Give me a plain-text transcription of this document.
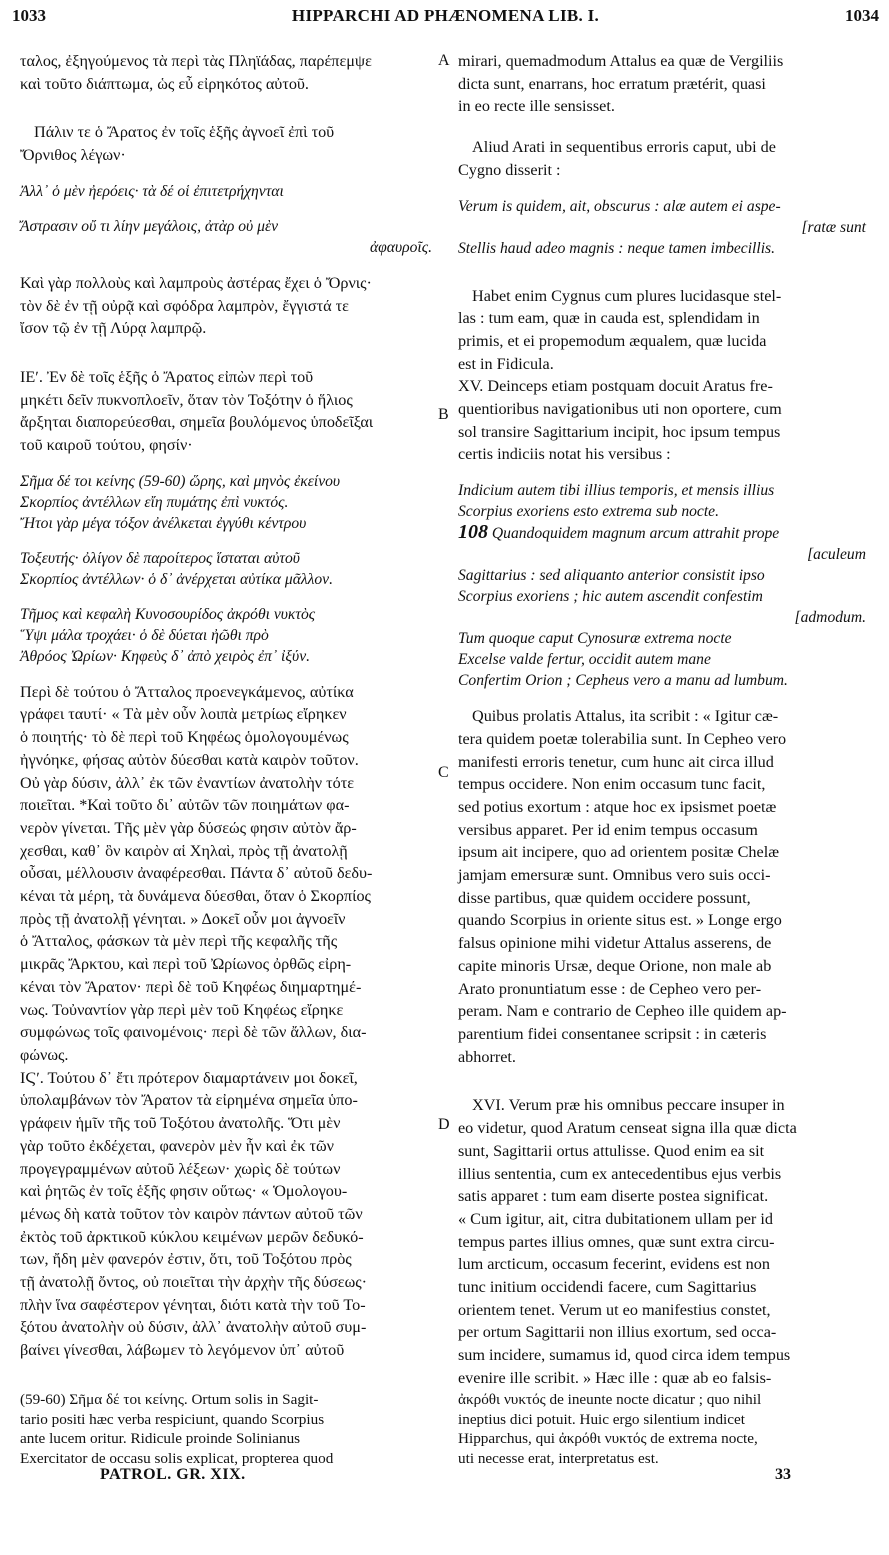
1033	HIPPARCHI AD PHÆNOMENA LIB. I.	1034
A
B
C
D

ταλος, ἐξηγούμενος τὰ περὶ τὰς Πληϊάδας, παρέπεμψε

καὶ τοῦτο διάπτωμα, ὡς εὖ εἰρηκότος αὐτοῦ.

Πάλιν τε ὁ Ἄρατος ἐν τοῖς ἑξῆς ἀγνοεῖ ἐπὶ τοῦ

Ὄρνιθος λέγων·

Ἀλλ᾽ ὁ μὲν ἠερόεις· τὰ δέ οἱ ἐπιτετρήχηνται

Ἄστρασιν οὔ τι λίην μεγάλοις, ἀτὰρ οὐ μὲν

ἀφαυροῖς.

Καὶ γὰρ πολλοὺς καὶ λαμπροὺς ἀστέρας ἔχει ὁ Ὄρνις·

τὸν δὲ ἐν τῇ οὐρᾷ καὶ σφόδρα λαμπρὸν, ἔγγιστά τε

ἴσον τῷ ἐν τῇ Λύρᾳ λαμπρῷ.

ΙΕʹ. Ἐν δὲ τοῖς ἑξῆς ὁ Ἄρατος εἰπὼν περὶ τοῦ

μηκέτι δεῖν πυκνοπλοεῖν, ὅταν τὸν Τοξότην ὁ ἥλιος

ἄρξηται διαπορεύεσθαι, σημεῖα βουλόμενος ὑποδεῖξαι

τοῦ καιροῦ τούτου, φησίν·

Σῆμα δέ τοι κείνης (59-60) ὥρης, καὶ μηνὸς ἐκείνου

Σκορπίος ἀντέλλων εἴη πυμάτης ἐπὶ νυκτός.

Ἤτοι γὰρ μέγα τόξον ἀνέλκεται ἐγγύθι κέντρου

Τοξευτής· ὀλίγον δὲ παροίτερος ἵσταται αὐτοῦ

Σκορπίος ἀντέλλων· ὁ δ᾽ ἀνέρχεται αὐτίκα μᾶλλον.

Τῆμος καὶ κεφαλὴ Κυνοσουρίδος ἀκρόθι νυκτὸς

Ὕψι μάλα τροχάει· ὁ δὲ δύεται ἠῶθι πρὸ

Ἀθρόος Ὠρίων· Κηφεὺς δ᾽ ἀπὸ χειρὸς ἐπ᾽ ἰξύν.

Περὶ δὲ τούτου ὁ Ἄτταλος προενεγκάμενος, αὐτίκα

γράφει ταυτί· « Τὰ μὲν οὖν λοιπὰ μετρίως εἴρηκεν

ὁ ποιητής· τὸ δὲ περὶ τοῦ Κηφέως ὁμολογουμένως

ἠγνόηκε, φήσας αὐτὸν δύεσθαι κατὰ καιρὸν τοῦτον.

Οὐ γὰρ δύσιν, ἀλλ᾽ ἐκ τῶν ἐναντίων ἀνατολὴν τότε

ποιεῖται. *Καὶ τοῦτο δι᾽ αὐτῶν τῶν ποιημάτων φα-

νερὸν γίνεται. Τῆς μὲν γὰρ δύσεώς φησιν αὐτὸν ἄρ-

χεσθαι, καθ᾽ ὃν καιρὸν αἱ Χηλαὶ, πρὸς τῇ ἀνατολῇ

οὖσαι, μέλλουσιν ἀναφέρεσθαι. Πάντα δ᾽ αὐτοῦ δεδυ-

κέναι τὰ μέρη, τὰ δυνάμενα δύεσθαι, ὅταν ὁ Σκορπίος

πρὸς τῇ ἀνατολῇ γένηται. » Δοκεῖ οὖν μοι ἀγνοεῖν

ὁ Ἄτταλος, φάσκων τὰ μὲν περὶ τῆς κεφαλῆς τῆς

μικρᾶς Ἄρκτου, καὶ περὶ τοῦ Ὠρίωνος ὀρθῶς εἰρη-

κέναι τὸν Ἄρατον· περὶ δὲ τοῦ Κηφέως διημαρτημέ-

νως. Τοὐναντίον γὰρ περὶ μὲν τοῦ Κηφέως εἴρηκε

συμφώνως τοῖς φαινομένοις· περὶ δὲ τῶν ἄλλων, δια-

φώνως.

ΙϚʹ. Τούτου δ᾽ ἔτι πρότερον διαμαρτάνειν μοι δοκεῖ,

ὑπολαμβάνων τὸν Ἄρατον τὰ εἰρημένα σημεῖα ὑπο-

γράφειν ἡμῖν τῆς τοῦ Τοξότου ἀνατολῆς. Ὅτι μὲν

γὰρ τοῦτο ἐκδέχεται, φανερὸν μὲν ἦν καὶ ἐκ τῶν

προγεγραμμένων αὐτοῦ λέξεων· χωρὶς δὲ τούτων

καὶ ῥητῶς ἐν τοῖς ἑξῆς φησιν οὕτως· « Ὁμολογου-

μένως δὴ κατὰ τοῦτον τὸν καιρὸν πάντων αὐτοῦ τῶν

ἐκτὸς τοῦ ἀρκτικοῦ κύκλου κειμένων μερῶν δεδυκό-

των, ἤδη μὲν φανερόν ἐστιν, ὅτι, τοῦ Τοξότου πρὸς

τῇ ἀνατολῇ ὄντος, οὐ ποιεῖται τὴν ἀρχὴν τῆς δύσεως·

πλὴν ἵνα σαφέστερον γένηται, διότι κατὰ τὴν τοῦ Το-

ξότου ἀνατολὴν οὐ δύσιν, ἀλλ᾽ ἀνατολὴν αὐτοῦ συμ-

βαίνει γίνεσθαι, λάβωμεν τὸ λεγόμενον ὑπ᾽ αὐτοῦ

mirari, quemadmodum Attalus ea quæ de Vergiliis

dicta sunt, enarrans, hoc erratum prætérit, quasi

in eo recte ille sensisset.

Aliud Arati in sequentibus erroris caput, ubi de

Cygno disserit :

Verum is quidem, ait, obscurus : alæ autem ei aspe-

[ratæ sunt

Stellis haud adeo magnis : neque tamen imbecillis.

Habet enim Cygnus cum plures lucidasque stel-

las : tum eam, quæ in cauda est, splendidam in

primis, et ei propemodum æqualem, quæ lucida

est in Fidicula.

XV. Deinceps etiam postquam docuit Aratus fre-

quentioribus navigationibus uti non oportere, cum

sol transire Sagittarium incipit, hoc ipsum tempus

certis indiciis notat his versibus :

Indicium autem tibi illius temporis, et mensis illius

Scorpius exoriens esto extrema sub nocte.

108 Quandoquidem magnum arcum attrahit prope

[aculeum

Sagittarius : sed aliquanto anterior consistit ipso

Scorpius exoriens ; hic autem ascendit confestim

[admodum.

Tum quoque caput Cynosuræ extrema nocte

Excelse valde fertur, occidit autem mane

Confertim Orion ; Cepheus vero a manu ad lumbum.

Quibus prolatis Attalus, ita scribit : « Igitur cæ-

tera quidem poetæ tolerabilia sunt. In Cepheo vero

manifesti erroris tenetur, cum hunc ait circa illud

tempus occidere. Non enim occasum tunc facit,

sed potius exortum : atque hoc ex ipsismet poetæ

versibus apparet. Per id enim tempus occasum

ipsum ait incipere, quo ad orientem positæ Chelæ

jamjam emersuræ sunt. Omnibus vero suis occi-

disse partibus, quæ quidem occidere possunt,

quando Scorpius in oriente situs est. » Longe ergo

falsus opinione mihi videtur Attalus asserens, de

capite minoris Ursæ, deque Orione, non male ab

Arato pronuntiatum esse : de Cepheo vero per-

peram. Nam e contrario de Cepheo ille quidem ap-

parentium fidei consentanee scripsit : in cæteris

abhorret.

XVI. Verum præ his omnibus peccare insuper in

eo videtur, quod Aratum censeat signa illa quæ dicta

sunt, Sagittarii ortus attulisse. Quod enim ea sit

illius sententia, cum ex antecedentibus ejus verbis

satis apparet : tum eam diserte postea significat.

« Cum igitur, ait, citra dubitationem ullam per id

tempus partes illius omnes, quæ sunt extra circu-

lum arcticum, occasum fecerint, evidens est non

tunc initium occidendi facere, cum Sagittarius

orientem tenet. Verum ut eo manifestius constet,

per ortum Sagittarii non illius exortum, sed occa-

sum incidere, sumamus id, quod circa idem tempus

evenire ille scribit. » Hæc ille : quæ ab eo falsis-

(59-60) Σῆμα δέ τοι κείνης. Ortum solis in Sagit-

tario positi hæc verba respiciunt, quando Scorpius

ante lucem oritur. Ridicule proinde Solinianus

Exercitator de occasu solis explicat, propterea quod

ἀκρόθι νυκτός de ineunte nocte dicatur ; quo nihil

ineptius dici potuit. Huic ergo silentium indicet

Hipparchus, qui ἀκρόθι νυκτός de extrema nocte,

uti necesse erat, interpretatus est.

PATROL. GR. XIX.	33
